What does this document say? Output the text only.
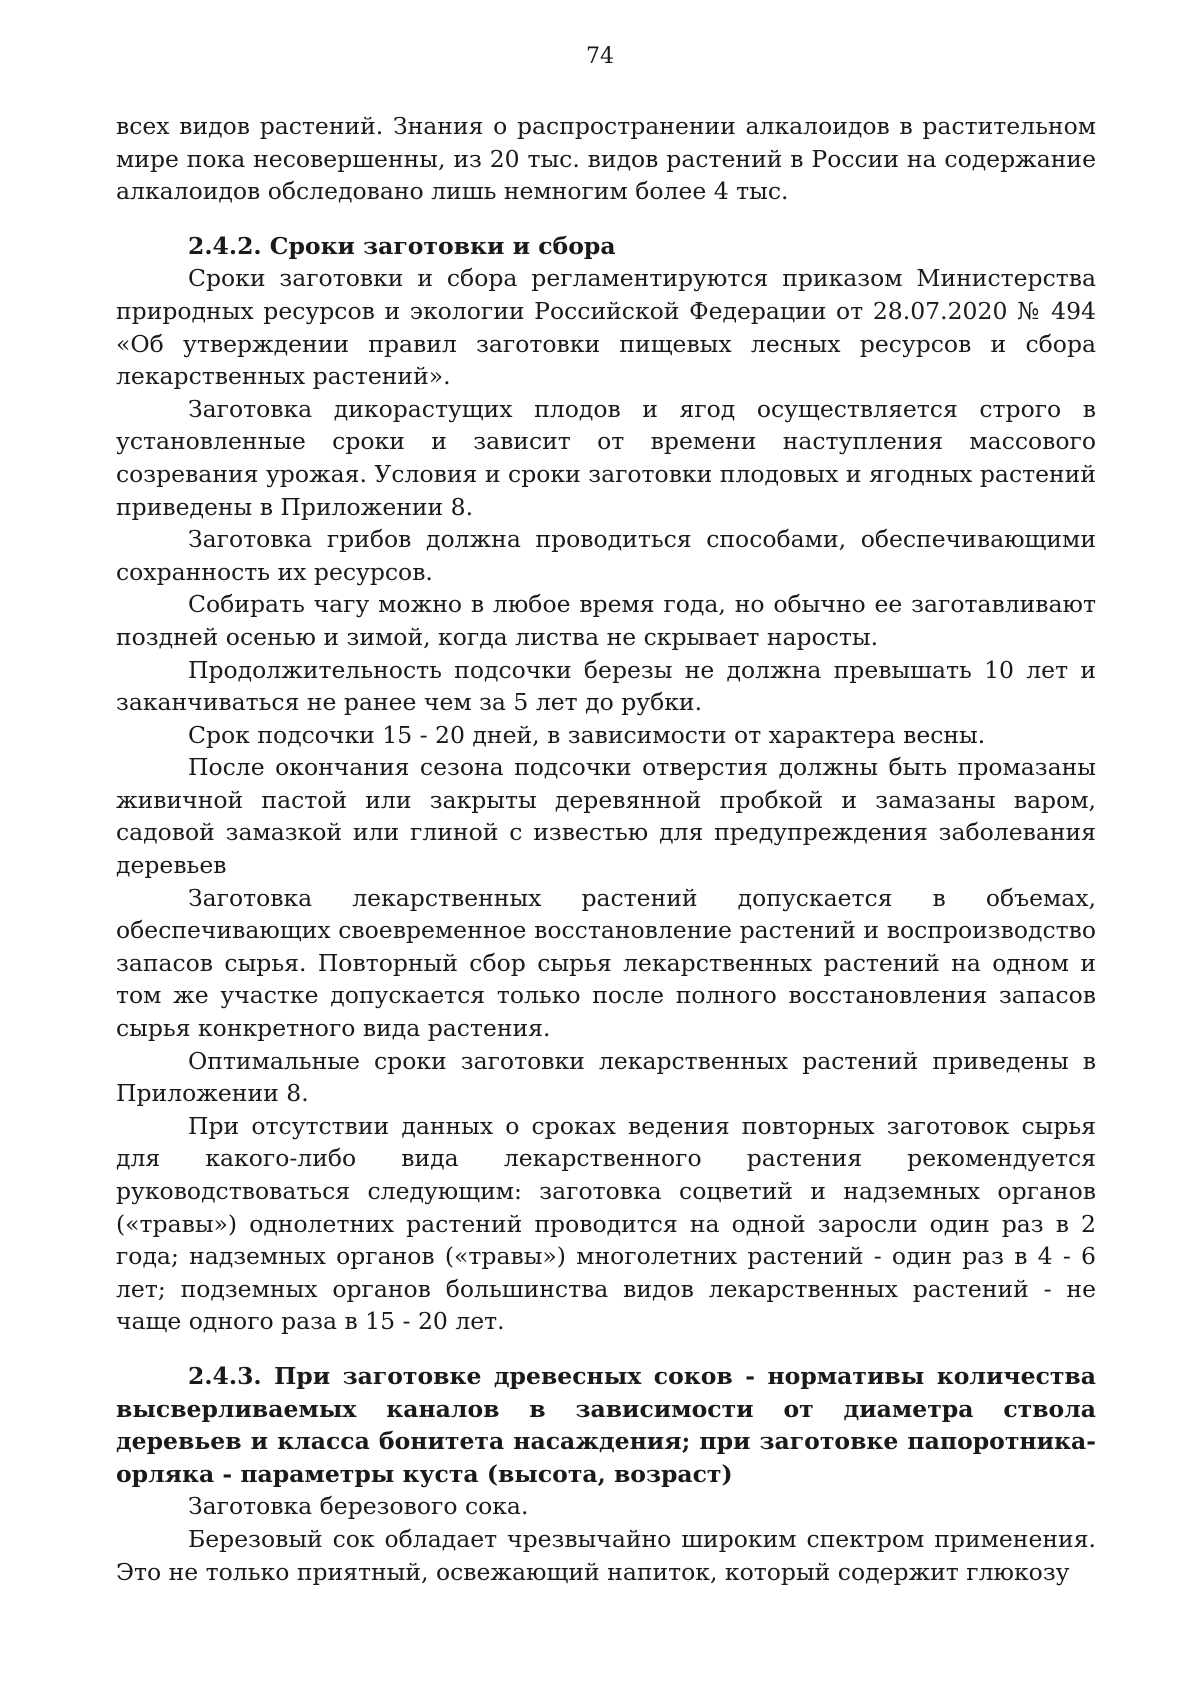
74

всех видов растений. Знания о распространении алкалоидов в растительном мире пока несовершенны, из 20 тыс. видов растений в России на содержание алкалоидов обследовано лишь немногим более 4 тыс.

2.4.2. Сроки заготовки и сбора

Сроки заготовки и сбора регламентируются приказом Министерства природных ресурсов и экологии Российской Федерации от 28.07.2020 № 494 «Об утверждении правил заготовки пищевых лесных ресурсов и сбора лекарственных растений».

Заготовка дикорастущих плодов и ягод осуществляется строго в установленные сроки и зависит от времени наступления массового созревания урожая. Условия и сроки заготовки плодовых и ягодных растений приведены в Приложении 8.

Заготовка грибов должна проводиться способами, обеспечивающими сохранность их ресурсов.

Собирать чагу можно в любое время года, но обычно ее заготавливают поздней осенью и зимой, когда листва не скрывает наросты.

Продолжительность подсочки березы не должна превышать 10 лет и заканчиваться не ранее чем за 5 лет до рубки.

Срок подсочки 15 - 20 дней, в зависимости от характера весны.

После окончания сезона подсочки отверстия должны быть промазаны живичной пастой или закрыты деревянной пробкой и замазаны варом, садовой замазкой или глиной с известью для предупреждения заболевания деревьев

Заготовка лекарственных растений допускается в объемах, обеспечивающих своевременное восстановление растений и воспроизводство запасов сырья. Повторный сбор сырья лекарственных растений на одном и том же участке допускается только после полного восстановления запасов сырья конкретного вида растения.

Оптимальные сроки заготовки лекарственных растений приведены в Приложении 8.

При отсутствии данных о сроках ведения повторных заготовок сырья для какого-либо вида лекарственного растения рекомендуется руководствоваться следующим: заготовка соцветий и надземных органов («травы») однолетних растений проводится на одной заросли один раз в 2 года; надземных органов («травы») многолетних растений - один раз в 4 - 6 лет; подземных органов большинства видов лекарственных растений - не чаще одного раза в 15 - 20 лет.

2.4.3. При заготовке древесных соков - нормативы количества высверливаемых каналов в зависимости от диаметра ствола деревьев и класса бонитета насаждения; при заготовке папоротника-орляка - параметры куста (высота, возраст)

Заготовка березового сока.

Березовый сок обладает чрезвычайно широким спектром применения. Это не только приятный, освежающий напиток, который содержит глюкозу
